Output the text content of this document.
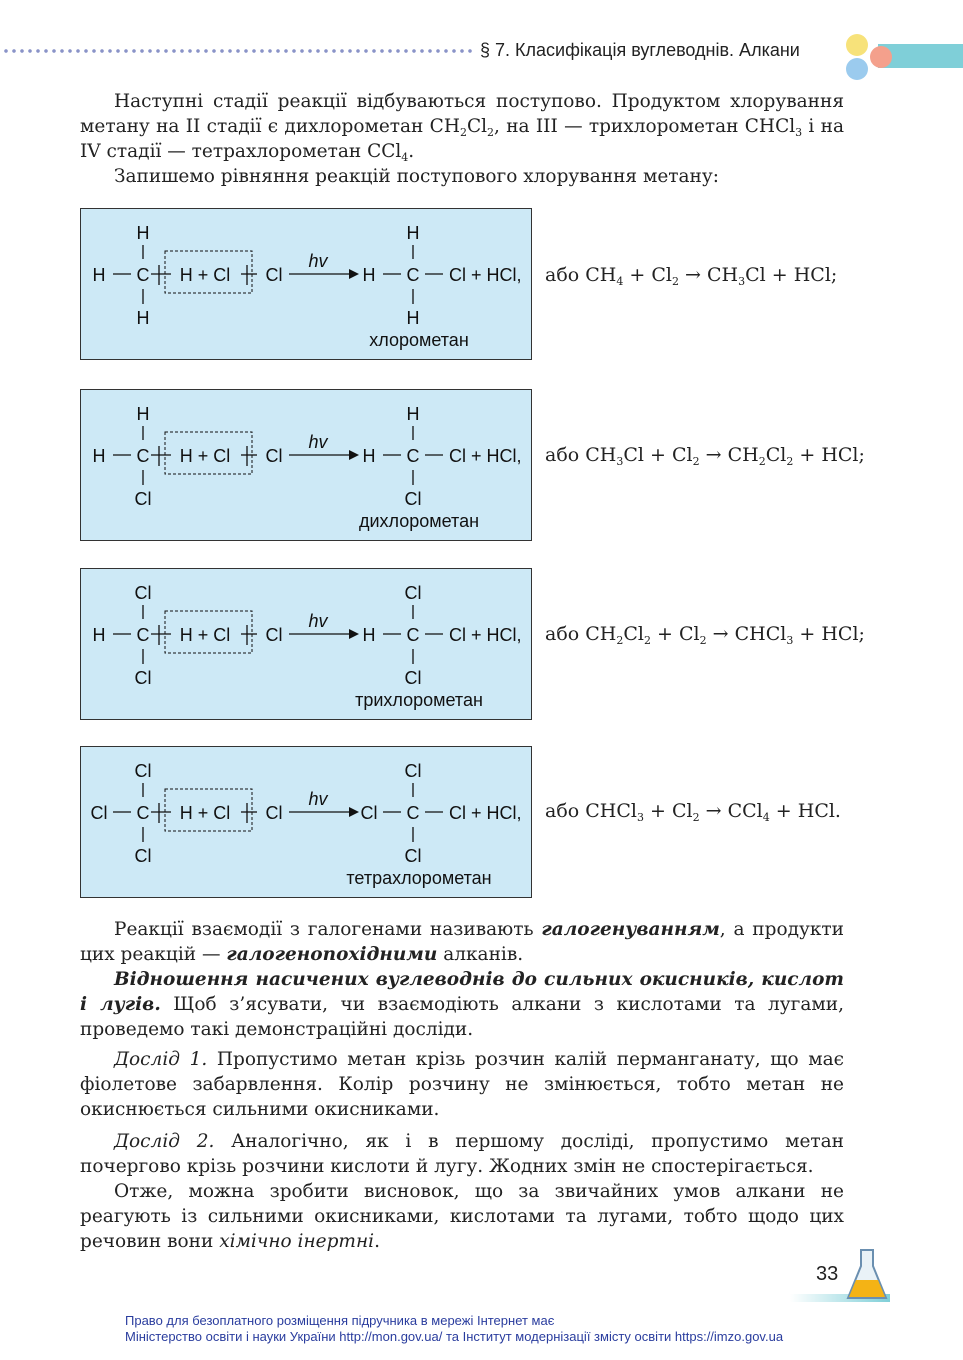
§ 7. Класифікація вуглеводнів. Алкани
Наступні стадії реакції відбуваються поступово. Продуктом хлорування метану на II стадії є дихлорометан $CH_2Cl_2$, на III — трихлорометан CHCl$_3$ і на IV стадії — тетрахлорометан CCl$_4$.
Запишемо рівняння реакцій поступового хлорування метану:
H
H C H + Cl Cl
H
hv
H
H C Cl + HCl,
H
хлорометан
або $CH_4 + Cl_2 \to CH_3Cl$ + HCl;
H
H C H + Cl Cl
Cl
hv
H
H C Cl + HCl,
Cl
дихлорометан
або $CH_3Cl + Cl_2 \to CH_2Cl_2$ + HCl;
Cl
H C H + Cl Cl
Cl
hv
Cl
H C Cl + HCl,
Cl
трихлорометан
або $CH_2Cl_2 + Cl_2$ → CHCl$_3$ + HCl;
Cl
Cl C H + Cl Cl
Cl
hv
Cl
Cl C Cl + HCl,
Cl
тетрахлорометан
або CHCl$_3$ + $Cl_2 \to CCl_4$ + HCl.
Реакції взаємодії з галогенами називають галогенуванням, а продукти цих реакцій — галогенопохідними алканів.
Відношення насичених вуглеводнів до сильних окисників, кислот і лугів. Щоб з’ясувати, чи взаємодіють алкани з кислотами та лугами, проведемо такі демонстраційні досліди.
Дослід 1. Пропустимо метан крізь розчин калій перманганату, що має фіолетове забарвлення. Колір розчину не змінюється, тобто метан не окиснюється сильними окисниками.
Дослід 2. Аналогічно, як і в першому досліді, пропустимо метан почергово крізь розчини кислоти й лугу. Жодних змін не спостерігається.
Отже, можна зробити висновок, що за звичайних умов алкани не реагують із сильними окисниками, кислотами та лугами, тобто щодо цих речовин вони хімічно інертні.
33
Право для безоплатного розміщення підручника в мережі Інтернет має
Міністерство освіти і науки України http://mon.gov.ua/ та Інститут модернізації змісту освіти https://imzo.gov.ua
